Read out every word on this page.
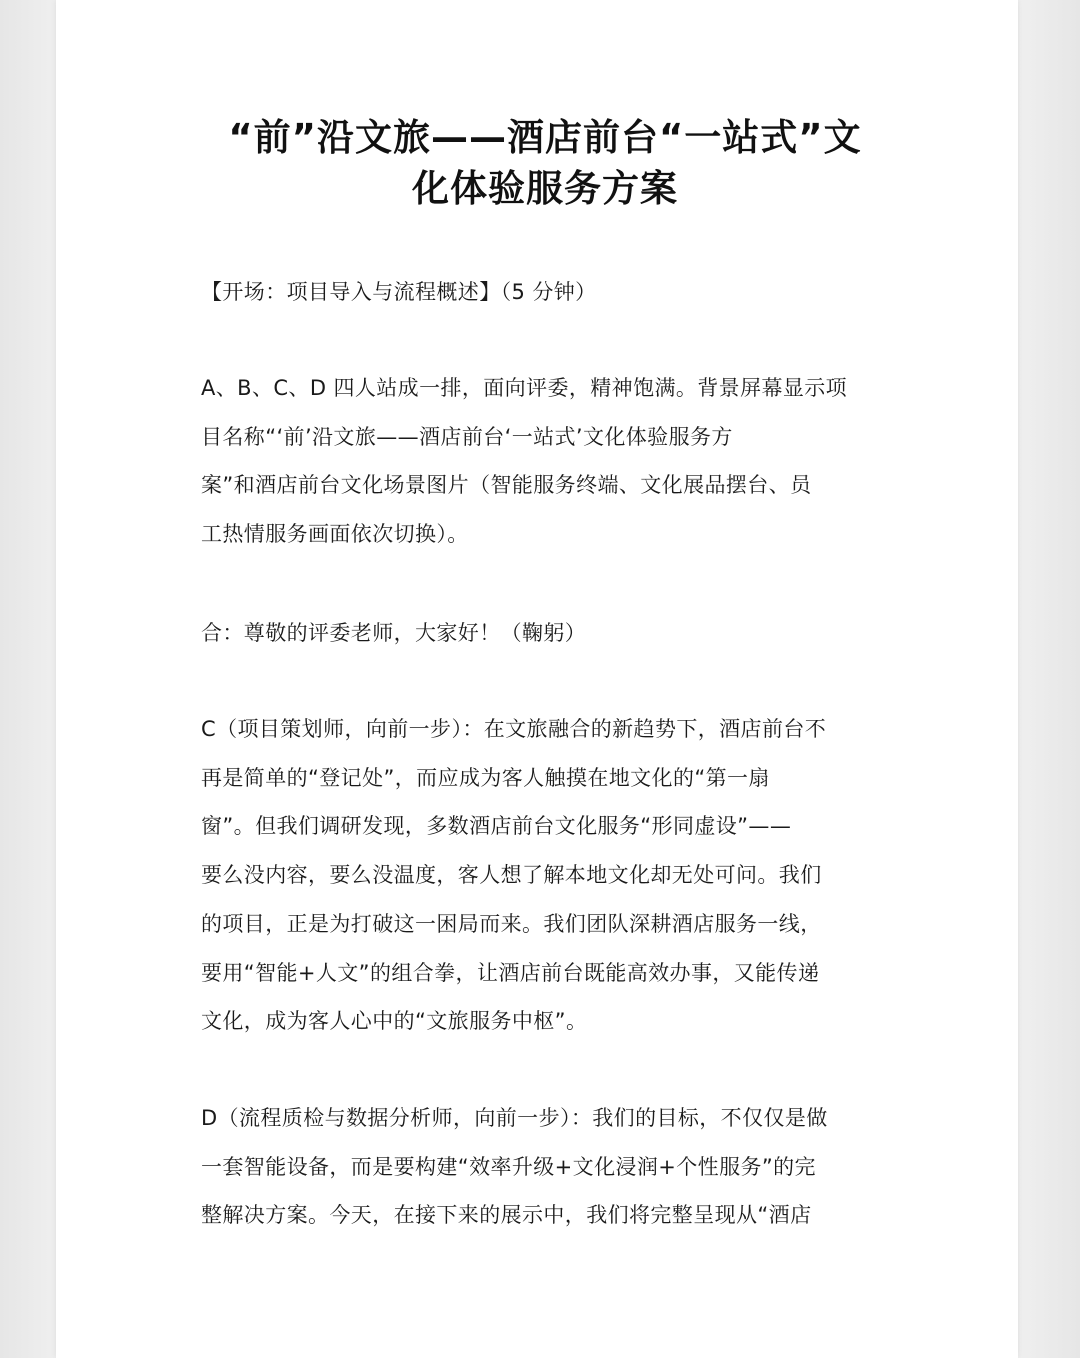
“前”沿文旅——酒店前台“一站式”文
化体验服务方案

【开场：项目导入与流程概述】（5 分钟）

A、B、C、D 四人站成一排，面向评委，精神饱满。背景屏幕显示项
目名称“‘前’沿文旅——酒店前台‘一站式’文化体验服务方
案”和酒店前台文化场景图片（智能服务终端、文化展品摆台、员
工热情服务画面依次切换）。

合：尊敬的评委老师，大家好！（鞠躬）

C（项目策划师，向前一步）：在文旅融合的新趋势下，酒店前台不
再是简单的“登记处”，而应成为客人触摸在地文化的“第一扇
窗”。但我们调研发现，多数酒店前台文化服务“形同虚设”——
要么没内容，要么没温度，客人想了解本地文化却无处可问。我们
的项目，正是为打破这一困局而来。我们团队深耕酒店服务一线，
要用“智能+人文”的组合拳，让酒店前台既能高效办事，又能传递
文化，成为客人心中的“文旅服务中枢”。

D（流程质检与数据分析师，向前一步）：我们的目标，不仅仅是做
一套智能设备，而是要构建“效率升级+文化浸润+个性服务”的完
整解决方案。今天，在接下来的展示中，我们将完整呈现从“酒店
